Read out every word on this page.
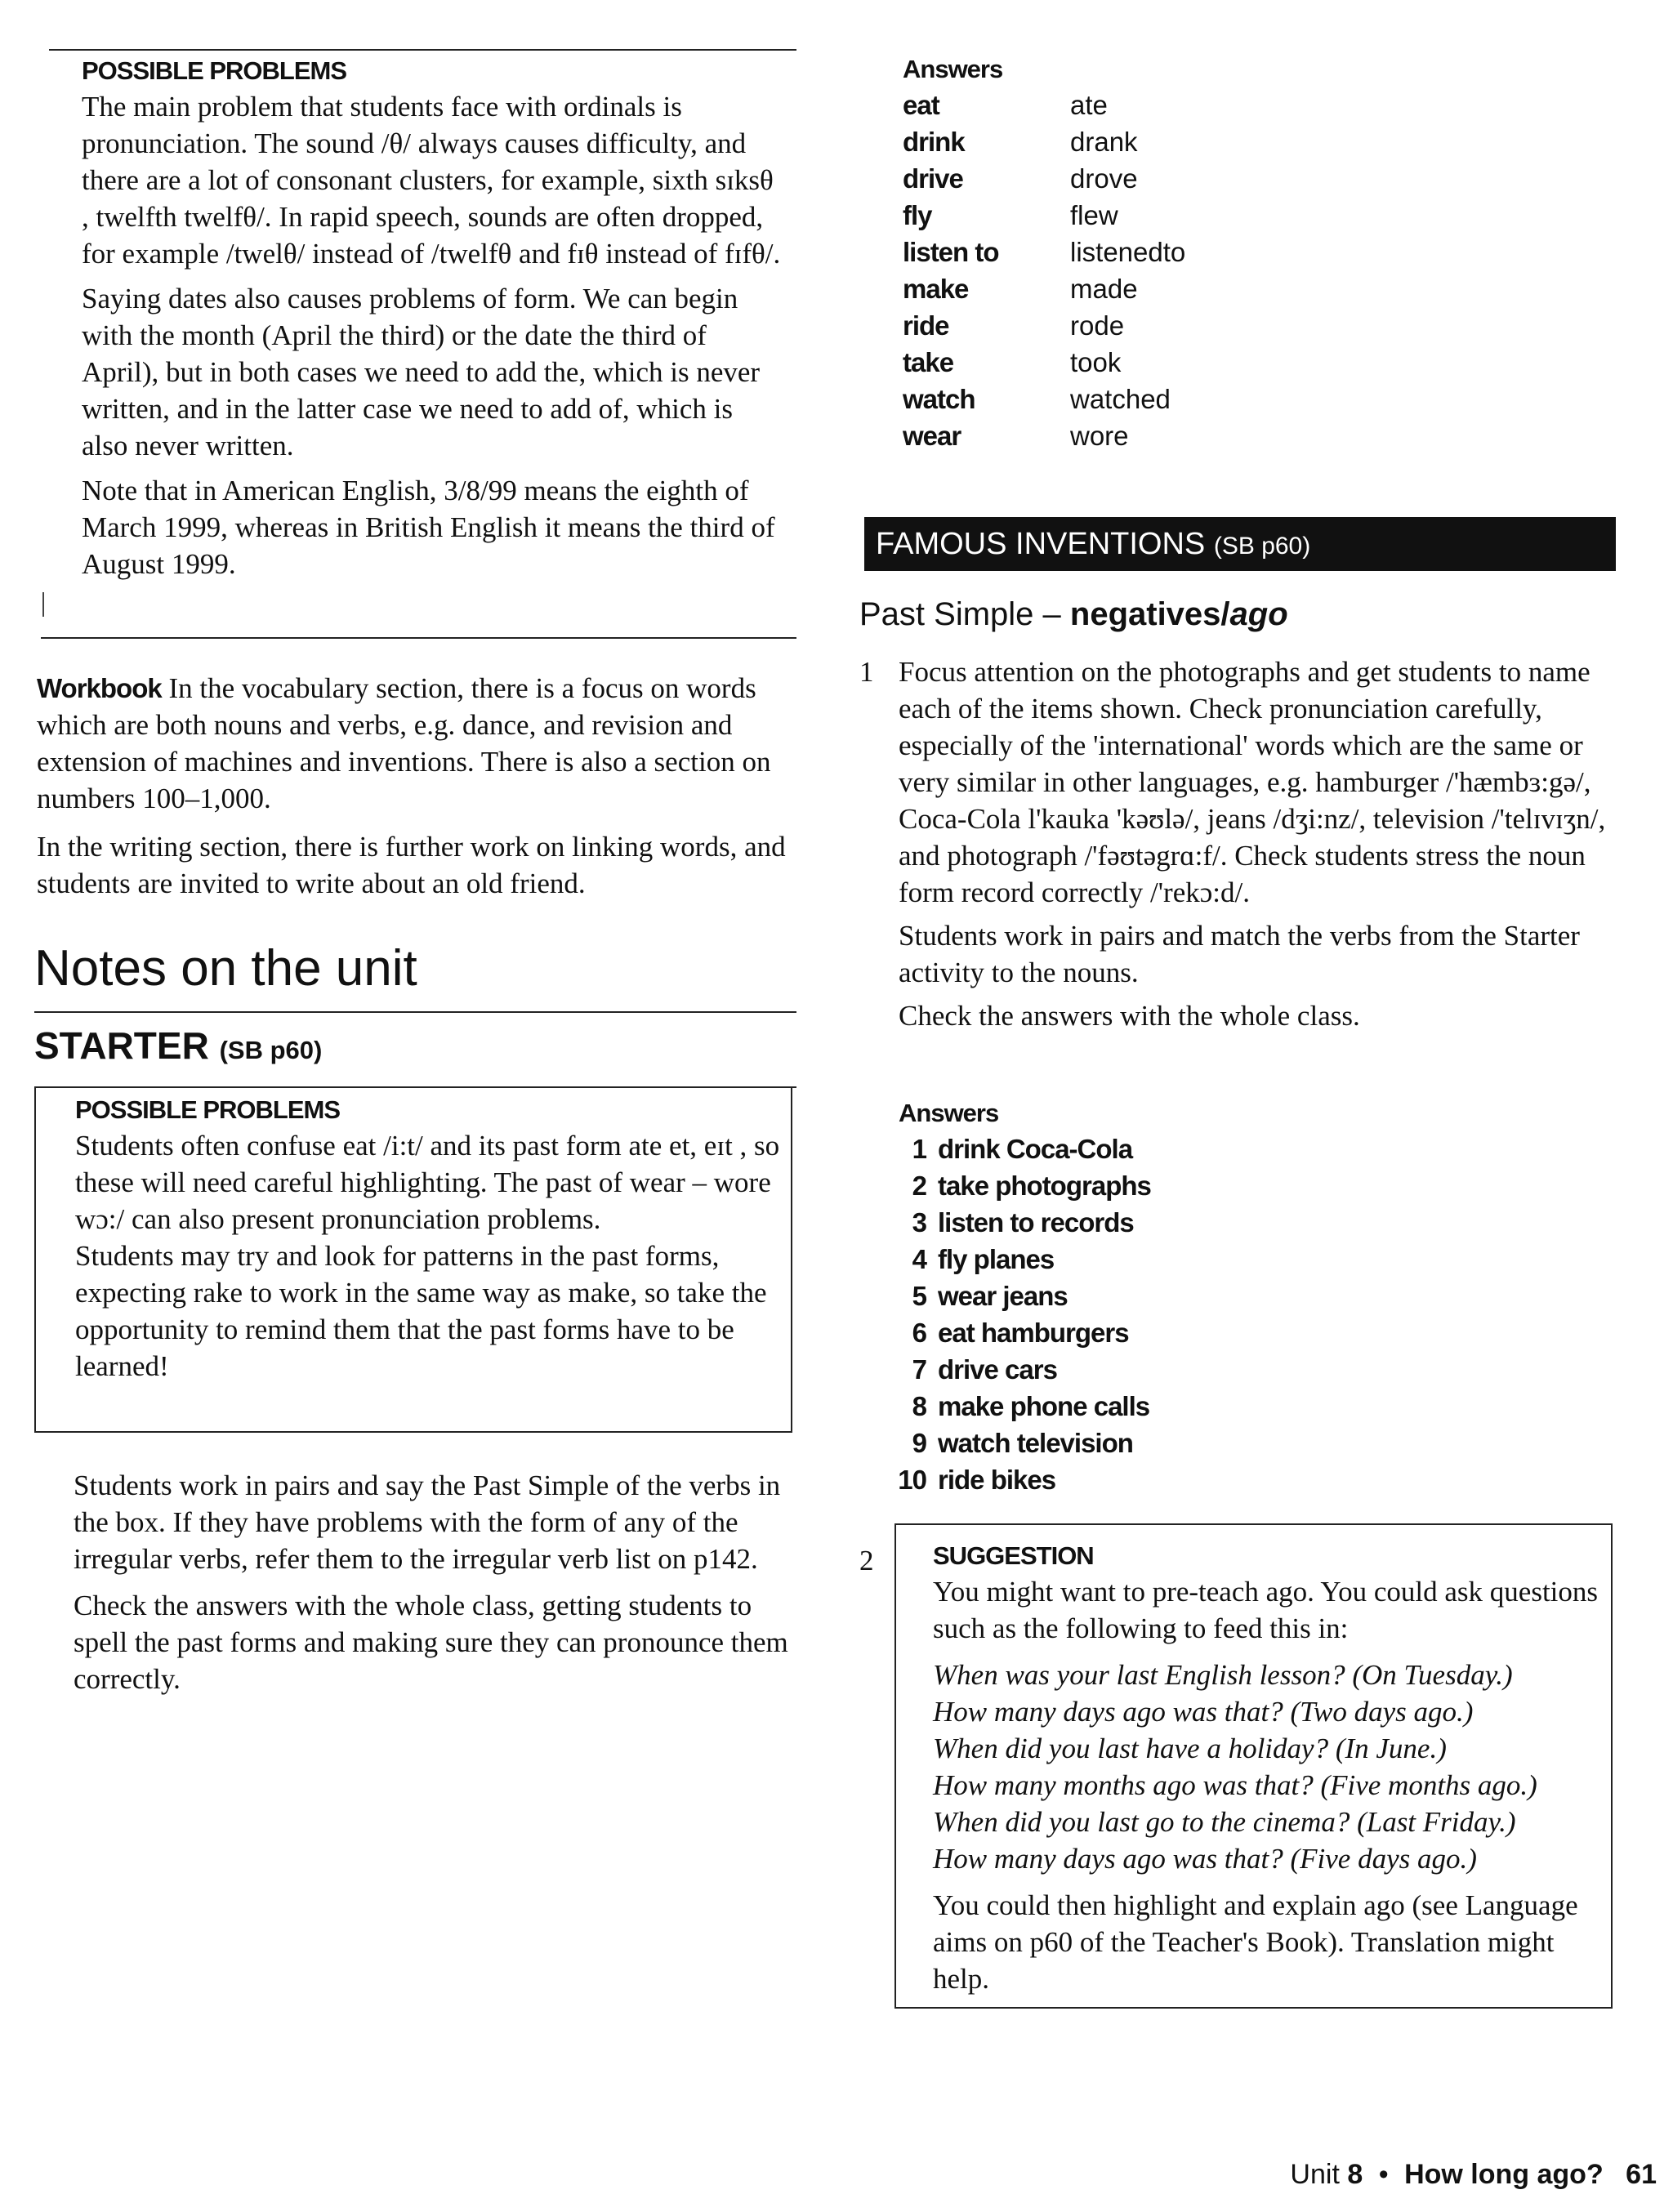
POSSIBLE PROBLEMS

The main problem that students face with ordinals is pronunciation. The sound /θ/ always causes difficulty, and there are a lot of consonant clusters, for example, sixth sɪksθ , twelfth twelfθ/. In rapid speech, sounds are often dropped, for example /twelθ/ instead of /twelfθ and fɪθ instead of fɪfθ/.

Saying dates also causes problems of form. We can begin with the month (April the third) or the date the third of April), but in both cases we need to add the, which is never written, and in the latter case we need to add of, which is also never written.

Note that in American English, 3/8/99 means the eighth of March 1999, whereas in British English it means the third of August 1999.

Workbook In the vocabulary section, there is a focus on words which are both nouns and verbs, e.g. dance, and revision and extension of machines and inventions. There is also a section on numbers 100–1,000.

In the writing section, there is further work on linking words, and students are invited to write about an old friend.

Notes on the unit
STARTER (SB p60)
POSSIBLE PROBLEMS

Students often confuse eat /i:t/ and its past form ate et, eɪt , so these will need careful highlighting. The past of wear – wore wɔ:/ can also present pronunciation problems.

Students may try and look for patterns in the past forms, expecting rake to work in the same way as make, so take the opportunity to remind them that the past forms have to be learned!

Students work in pairs and say the Past Simple of the verbs in the box. If they have problems with the form of any of the irregular verbs, refer them to the irregular verb list on p142.

Check the answers with the whole class, getting students to spell the past forms and making sure they can pronounce them correctly.

Answers
eat	ate
drink	drank
drive	drove
fly	flew
listen to	listenedto
make	made
ride	rode
take	took
watch	watched
wear	wore
FAMOUS INVENTIONS (SB p60)
Past Simple – negatives/ago
1 Focus attention on the photographs and get students to name each of the items shown. Check pronunciation carefully, especially of the 'international' words which are the same or very similar in other languages, e.g. hamburger /'hæmbɜ:gə/, Coca-Cola l'kauka 'kəʊlə/, jeans /dʒi:nz/, television /'telɪvɪʒn/, and photograph /'fəʊtəgrɑ:f/. Check students stress the noun form record correctly /'rekɔ:d/.

Students work in pairs and match the verbs from the Starter activity to the nouns.

Check the answers with the whole class.

Answers
1 drink Coca-Cola
2 take photographs
3 listen to records
4 fly planes
5 wear jeans
6 eat hamburgers
7 drive cars
8 make phone calls
9 watch television
10 ride bikes
2 SUGGESTION

You might want to pre-teach ago. You could ask questions such as the following to feed this in:

When was your last English lesson? (On Tuesday.)
How many days ago was that? (Two days ago.)
When did you last have a holiday? (In June.)
How many months ago was that? (Five months ago.)
When did you last go to the cinema? (Last Friday.)
How many days ago was that? (Five days ago.)

You could then highlight and explain ago (see Language aims on p60 of the Teacher's Book). Translation might help.

Unit 8 • How long ago? 61
